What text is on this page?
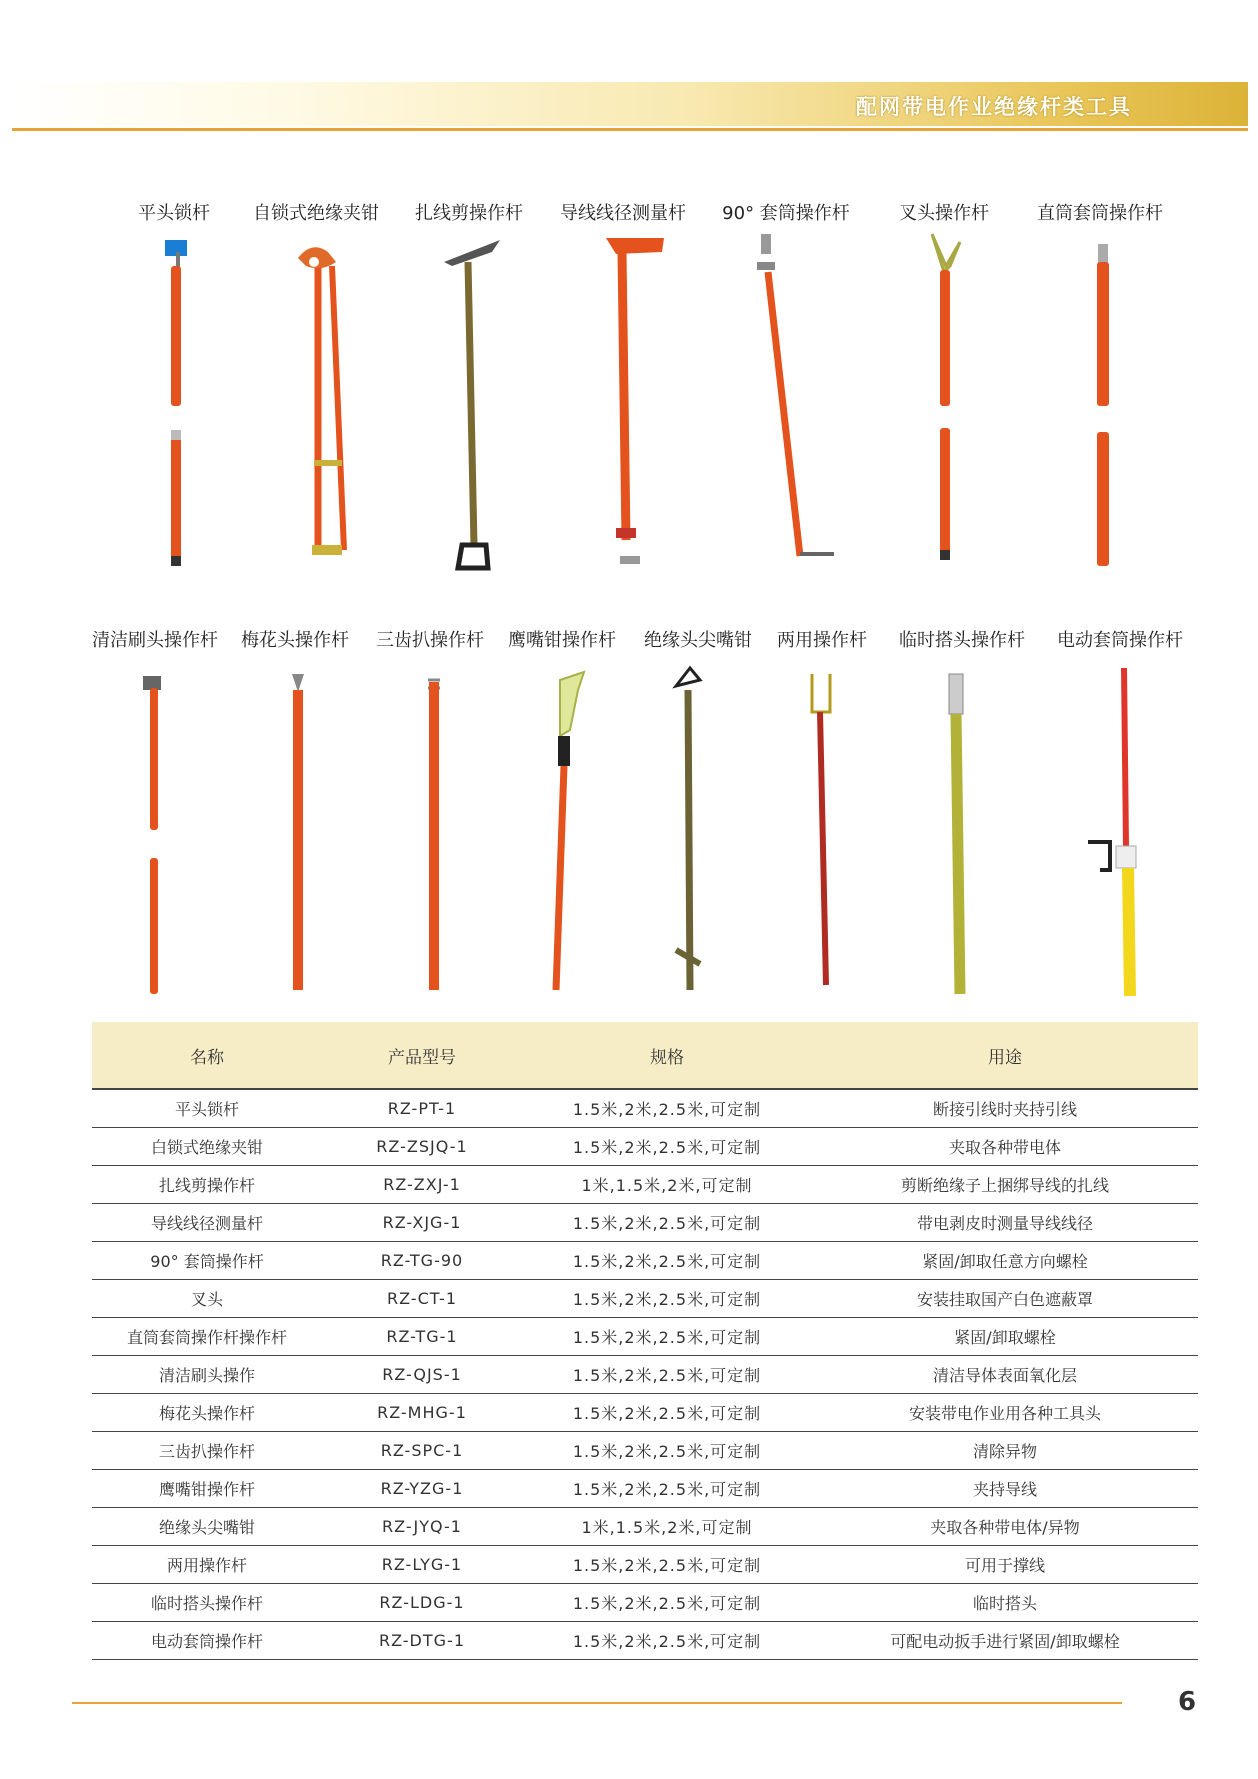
配网带电作业绝缘杆类工具
平头锁杆 自锁式绝缘夹钳 扎线剪操作杆 导线线径测量杆 90° 套筒操作杆	叉头操作杆	直筒套筒操作杆
清洁刷头操作杆 梅花头操作杆 三齿扒操作杆 鹰嘴钳操作杆 绝缘头尖嘴钳 两用操作杆 临时搭头操作杆 电动套筒操作杆
名称	产品型号	规格	用途
平头锁杆	RZ-PT-1	1.5米,2米,2.5米,可定制	断接引线时夹持引线
白锁式绝缘夹钳	RZ-ZSJQ-1	1.5米,2米,2.5米,可定制	夹取各种带电体
扎线剪操作杆	RZ-ZXJ-1	1米,1.5米,2米,可定制	剪断绝缘子上捆绑导线的扎线
导线线径测量杆	RZ-XJG-1	1.5米,2米,2.5米,可定制	带电剥皮时测量导线线径
90° 套筒操作杆	RZ-TG-90	1.5米,2米,2.5米,可定制	紧固/卸取任意方向螺栓
叉头	RZ-CT-1	1.5米,2米,2.5米,可定制	安装挂取国产白色遮蔽罩
直筒套筒操作杆操作杆	RZ-TG-1	1.5米,2米,2.5米,可定制	紧固/卸取螺栓
清洁刷头操作	RZ-QJS-1	1.5米,2米,2.5米,可定制	清洁导体表面氧化层
梅花头操作杆	RZ-MHG-1	1.5米,2米,2.5米,可定制	安装带电作业用各种工具头
三齿扒操作杆	RZ-SPC-1	1.5米,2米,2.5米,可定制	清除异物
鹰嘴钳操作杆	RZ-YZG-1	1.5米,2米,2.5米,可定制	夹持导线
绝缘头尖嘴钳	RZ-JYQ-1	1米,1.5米,2米,可定制	夹取各种带电体/异物
两用操作杆	RZ-LYG-1	1.5米,2米,2.5米,可定制	可用于撑线
临时搭头操作杆	RZ-LDG-1	1.5米,2米,2.5米,可定制	临时搭头
电动套筒操作杆	RZ-DTG-1	1.5米,2米,2.5米,可定制	可配电动扳手进行紧固/卸取螺栓
6
